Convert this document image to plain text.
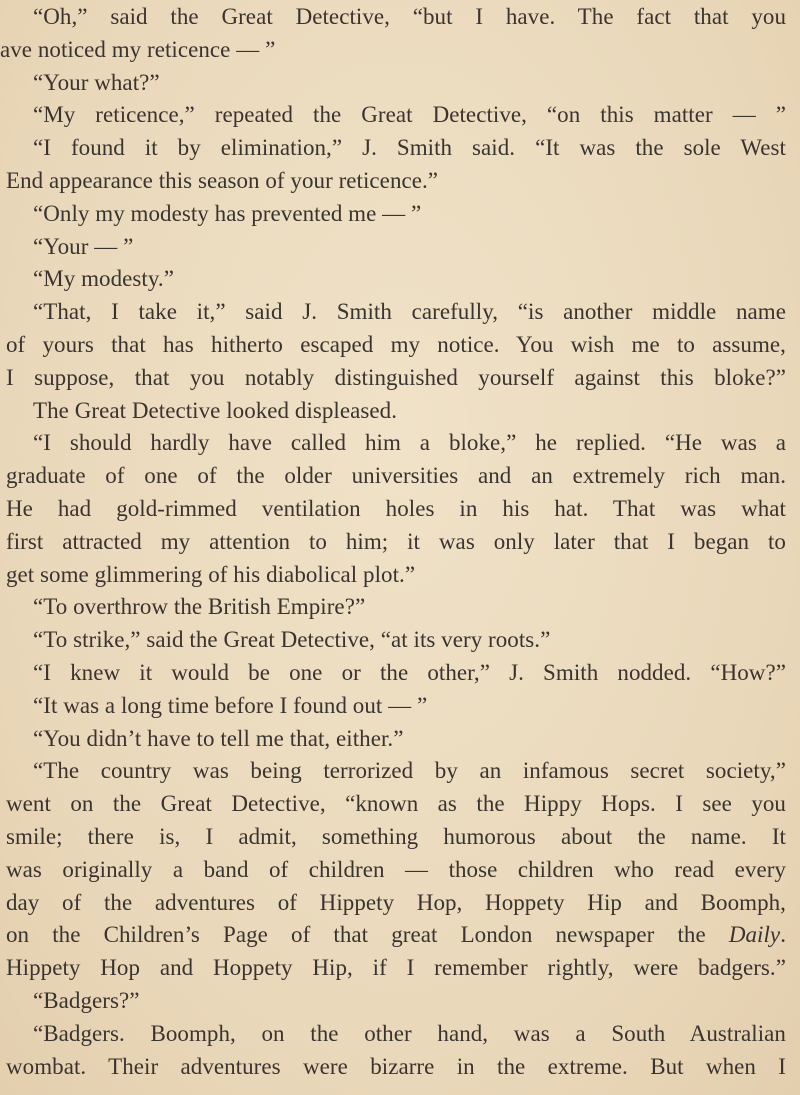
“Oh,” said the Great Detective, “but I have. The fact that you
ave noticed my reticence — ”
“Your what?”
“My reticence,” repeated the Great Detective, “on this matter — ”
“I found it by elimination,” J. Smith said. “It was the sole West
End appearance this season of your reticence.”
“Only my modesty has prevented me — ”
“Your — ”
“My modesty.”
“That, I take it,” said J. Smith carefully, “is another middle name
of yours that has hitherto escaped my notice. You wish me to assume,
I suppose, that you notably distinguished yourself against this bloke?”
The Great Detective looked displeased.
“I should hardly have called him a bloke,” he replied. “He was a
graduate of one of the older universities and an extremely rich man.
He had gold-rimmed ventilation holes in his hat. That was what
first attracted my attention to him; it was only later that I began to
get some glimmering of his diabolical plot.”
“To overthrow the British Empire?”
“To strike,” said the Great Detective, “at its very roots.”
“I knew it would be one or the other,” J. Smith nodded. “How?”
“It was a long time before I found out — ”
“You didn’t have to tell me that, either.”
“The country was being terrorized by an infamous secret society,”
went on the Great Detective, “known as the Hippy Hops. I see you
smile; there is, I admit, something humorous about the name. It
was originally a band of children — those children who read every
day of the adventures of Hippety Hop, Hoppety Hip and Boomph,
on the Children’s Page of that great London newspaper the Daily.
Hippety Hop and Hoppety Hip, if I remember rightly, were badgers.”
“Badgers?”
“Badgers. Boomph, on the other hand, was a South Australian
wombat. Their adventures were bizarre in the extreme. But when I
